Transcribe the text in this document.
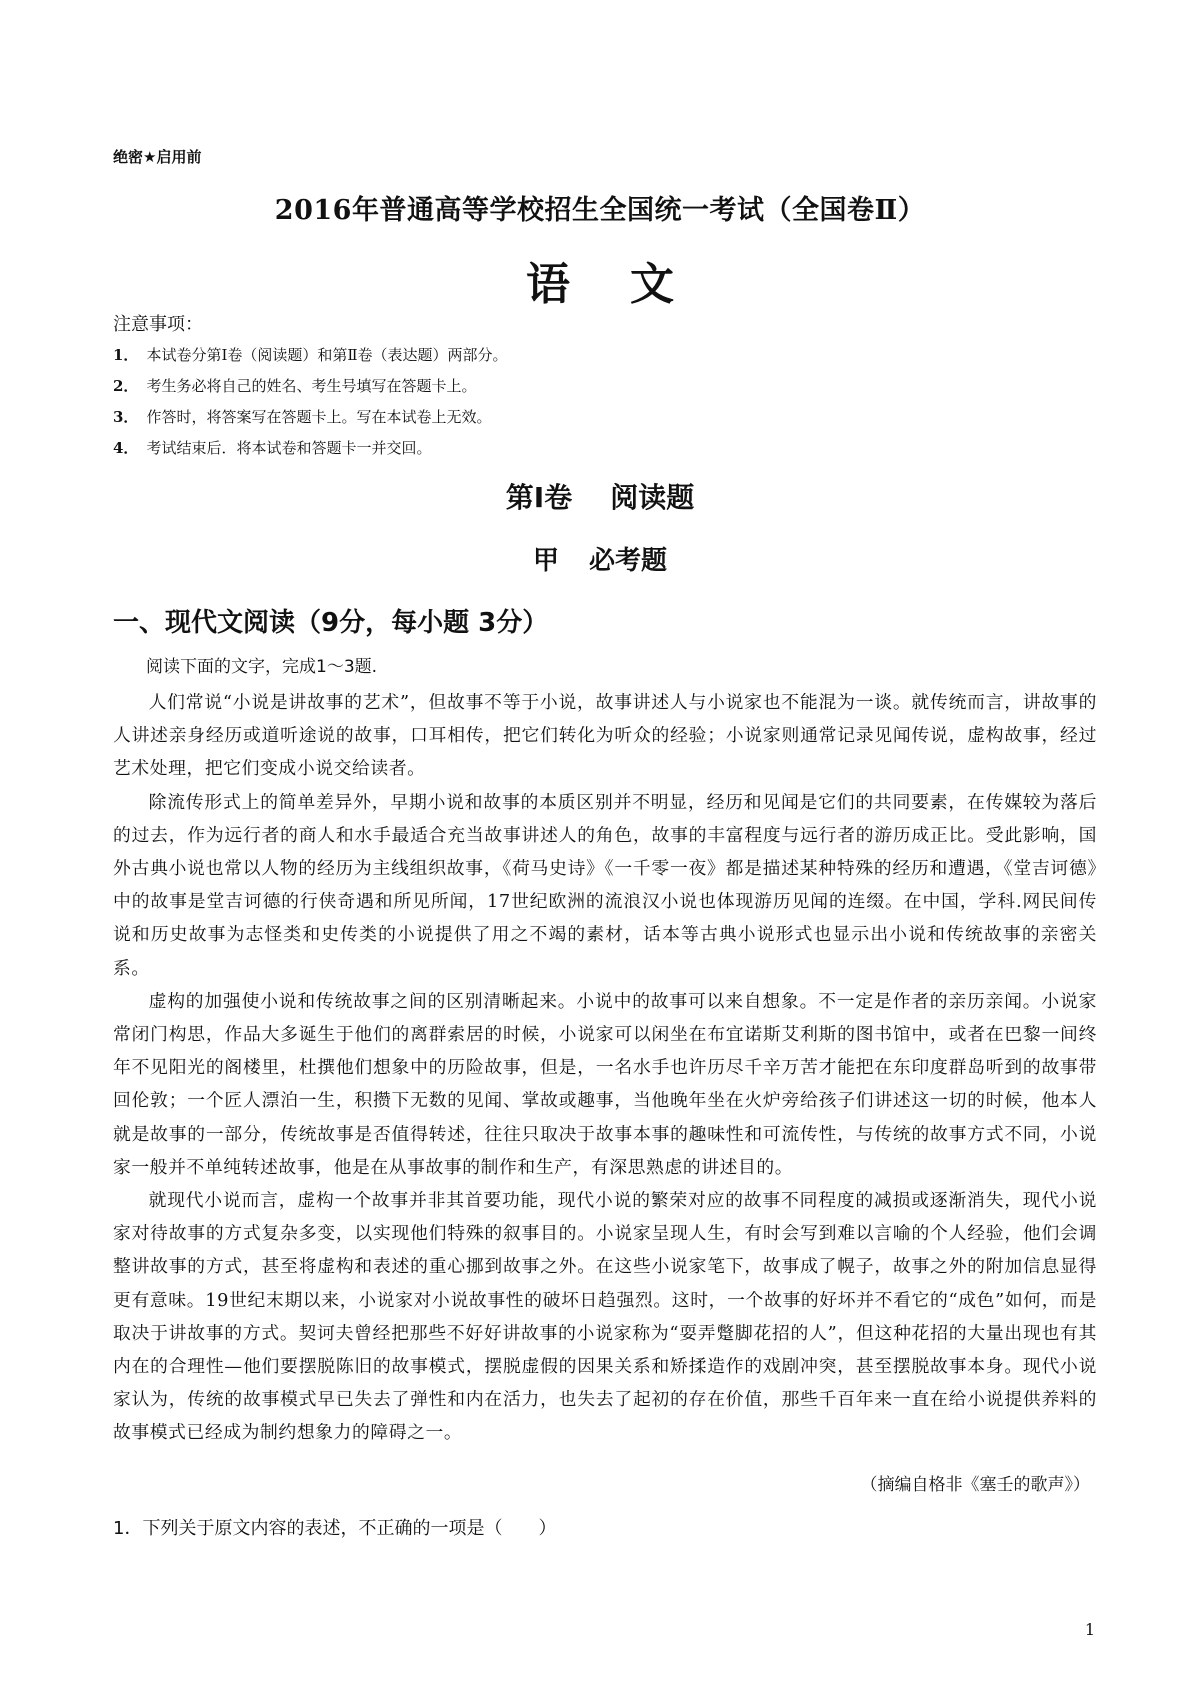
绝密★启用前
2016年普通高等学校招生全国统一考试（全国卷Ⅱ）
语文
注意事项：
1． 本试卷分第Ⅰ卷（阅读题）和第Ⅱ卷（表达题）两部分。
2． 考生务必将自己的姓名、考生号填写在答题卡上。
3． 作答时，将答案写在答题卡上。写在本试卷上无效。
4． 考试结束后．将本试卷和答题卡一并交回。
第Ⅰ卷 阅读题
甲 必考题
一、现代文阅读（9分，每小题 3分）
阅读下面的文字，完成1～3题.

人们常说“小说是讲故事的艺术”，但故事不等于小说，故事讲述人与小说家也不能混为一谈。就传统而言，讲故事的人讲述亲身经历或道听途说的故事，口耳相传，把它们转化为听众的经验；小说家则通常记录见闻传说，虚构故事，经过艺术处理，把它们变成小说交给读者。

除流传形式上的简单差异外，早期小说和故事的本质区别并不明显，经历和见闻是它们的共同要素，在传媒较为落后的过去，作为远行者的商人和水手最适合充当故事讲述人的角色，故事的丰富程度与远行者的游历成正比。受此影响，国外古典小说也常以人物的经历为主线组织故事，《荷马史诗》《一千零一夜》都是描述某种特殊的经历和遭遇，《堂吉诃德》中的故事是堂吉诃德的行侠奇遇和所见所闻，17世纪欧洲的流浪汉小说也体现游历见闻的连缀。在中国，学科.网民间传说和历史故事为志怪类和史传类的小说提供了用之不竭的素材，话本等古典小说形式也显示出小说和传统故事的亲密关系。

虚构的加强使小说和传统故事之间的区别清晰起来。小说中的故事可以来自想象。不一定是作者的亲历亲闻。小说家常闭门构思，作品大多诞生于他们的离群索居的时候，小说家可以闲坐在布宜诺斯艾利斯的图书馆中，或者在巴黎一间终年不见阳光的阁楼里，杜撰他们想象中的历险故事，但是，一名水手也许历尽千辛万苦才能把在东印度群岛听到的故事带回伦敦；一个匠人漂泊一生，积攒下无数的见闻、掌故或趣事，当他晚年坐在火炉旁给孩子们讲述这一切的时候，他本人就是故事的一部分，传统故事是否值得转述，往往只取决于故事本事的趣味性和可流传性，与传统的故事方式不同，小说家一般并不单纯转述故事，他是在从事故事的制作和生产，有深思熟虑的讲述目的。

就现代小说而言，虚构一个故事并非其首要功能，现代小说的繁荣对应的故事不同程度的减损或逐渐消失，现代小说家对待故事的方式复杂多变，以实现他们特殊的叙事目的。小说家呈现人生，有时会写到难以言喻的个人经验，他们会调整讲故事的方式，甚至将虚构和表述的重心挪到故事之外。在这些小说家笔下，故事成了幌子，故事之外的附加信息显得更有意味。19世纪末期以来，小说家对小说故事性的破坏日趋强烈。这时，一个故事的好坏并不看它的“成色”如何，而是取决于讲故事的方式。契诃夫曾经把那些不好好讲故事的小说家称为“耍弄蹩脚花招的人”，但这种花招的大量出现也有其内在的合理性—他们要摆脱陈旧的故事模式，摆脱虚假的因果关系和矫揉造作的戏剧冲突，甚至摆脱故事本身。现代小说家认为，传统的故事模式早已失去了弹性和内在活力，也失去了起初的存在价值，那些千百年来一直在给小说提供养料的故事模式已经成为制约想象力的障碍之一。

（摘编自格非《塞壬的歌声》）
1．下列关于原文内容的表述，不正确的一项是（　　）
1
